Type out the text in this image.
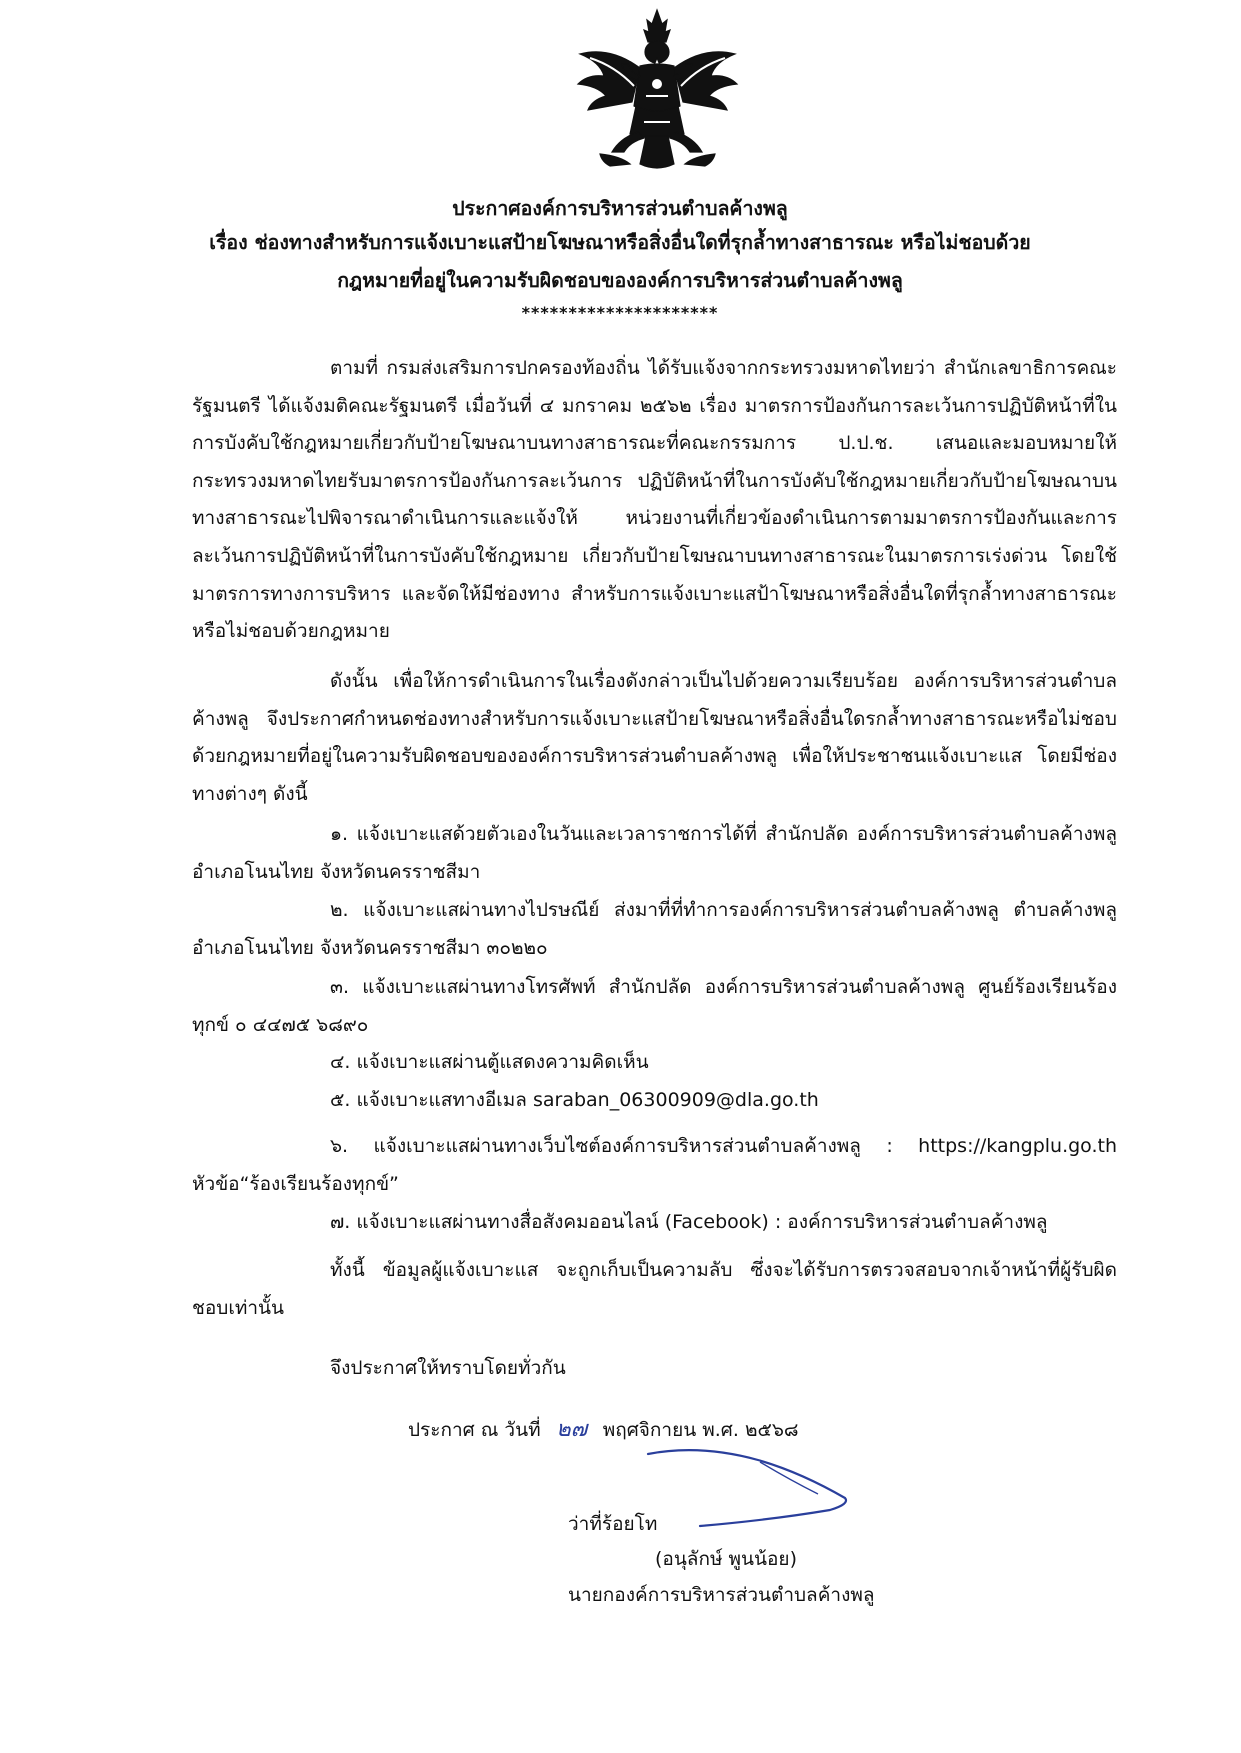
ประกาศองค์การบริหารส่วนตำบลค้างพลู
เรื่อง ช่องทางสำหรับการแจ้งเบาะแสป้ายโฆษณาหรือสิ่งอื่นใดที่รุกล้ำทางสาธารณะ หรือไม่ชอบด้วย
กฎหมายที่อยู่ในความรับผิดชอบขององค์การบริหารส่วนตำบลค้างพลู
*********************
ตามที่ กรมส่งเสริมการปกครองท้องถิ่น ได้รับแจ้งจากกระทรวงมหาดไทยว่า สำนักเลขาธิการคณะรัฐมนตรี ได้แจ้งมติคณะรัฐมนตรี เมื่อวันที่ ๔ มกราคม ๒๕๖๒ เรื่อง มาตรการป้องกันการละเว้นการปฏิบัติหน้าที่ในการบังคับใช้กฎหมายเกี่ยวกับป้ายโฆษณาบนทางสาธารณะที่คณะกรรมการ ป.ป.ช. เสนอและมอบหมายให้กระทรวงมหาดไทยรับมาตรการป้องกันการละเว้นการ ปฏิบัติหน้าที่ในการบังคับใช้กฎหมายเกี่ยวกับป้ายโฆษณาบนทางสาธารณะไปพิจารณาดำเนินการและแจ้งให้ หน่วยงานที่เกี่ยวข้องดำเนินการตามมาตรการป้องกันและการละเว้นการปฏิบัติหน้าที่ในการบังคับใช้กฎหมาย เกี่ยวกับป้ายโฆษณาบนทางสาธารณะในมาตรการเร่งด่วน โดยใช้มาตรการทางการบริหาร และจัดให้มีช่องทาง สำหรับการแจ้งเบาะแสป้าโฆษณาหรือสิ่งอื่นใดที่รุกล้ำทางสาธารณะหรือไม่ชอบด้วยกฎหมาย
ดังนั้น เพื่อให้การดำเนินการในเรื่องดังกล่าวเป็นไปด้วยความเรียบร้อย องค์การบริหารส่วนตำบลค้างพลู จึงประกาศกำหนดช่องทางสำหรับการแจ้งเบาะแสป้ายโฆษณาหรือสิ่งอื่นใดรกล้ำทางสาธารณะหรือไม่ชอบด้วยกฎหมายที่อยู่ในความรับผิดชอบขององค์การบริหารส่วนตำบลค้างพลู เพื่อให้ประชาชนแจ้งเบาะแส โดยมีช่องทางต่างๆ ดังนี้
๑. แจ้งเบาะแสด้วยตัวเองในวันและเวลาราชการได้ที่ สำนักปลัด องค์การบริหารส่วนตำบลค้างพลู อำเภอโนนไทย จังหวัดนครราชสีมา
๒. แจ้งเบาะแสผ่านทางไปรษณีย์ ส่งมาที่ที่ทำการองค์การบริหารส่วนตำบลค้างพลู ตำบลค้างพลู อำเภอโนนไทย จังหวัดนครราชสีมา ๓๐๒๒๐
๓. แจ้งเบาะแสผ่านทางโทรศัพท์ สำนักปลัด องค์การบริหารส่วนตำบลค้างพลู ศูนย์ร้องเรียนร้องทุกข์ ๐ ๔๔๗๕ ๖๘๙๐
๔. แจ้งเบาะแสผ่านตู้แสดงความคิดเห็น
๕. แจ้งเบาะแสทางอีเมล saraban_06300909@dla.go.th
๖. แจ้งเบาะแสผ่านทางเว็บไซต์องค์การบริหารส่วนตำบลค้างพลู : https://kangplu.go.th หัวข้อ“ร้องเรียนร้องทุกข์”
๗. แจ้งเบาะแสผ่านทางสื่อสังคมออนไลน์ (Facebook) : องค์การบริหารส่วนตำบลค้างพลู
ทั้งนี้ ข้อมูลผู้แจ้งเบาะแส จะถูกเก็บเป็นความลับ ซึ่งจะได้รับการตรวจสอบจากเจ้าหน้าที่ผู้รับผิดชอบเท่านั้น
จึงประกาศให้ทราบโดยทั่วกัน
ประกาศ ณ วันที่ ๒๗ พฤศจิกายน พ.ศ. ๒๕๖๘
ว่าที่ร้อยโท
(อนุลักษ์ พูนน้อย)
นายกองค์การบริหารส่วนตำบลค้างพลู
